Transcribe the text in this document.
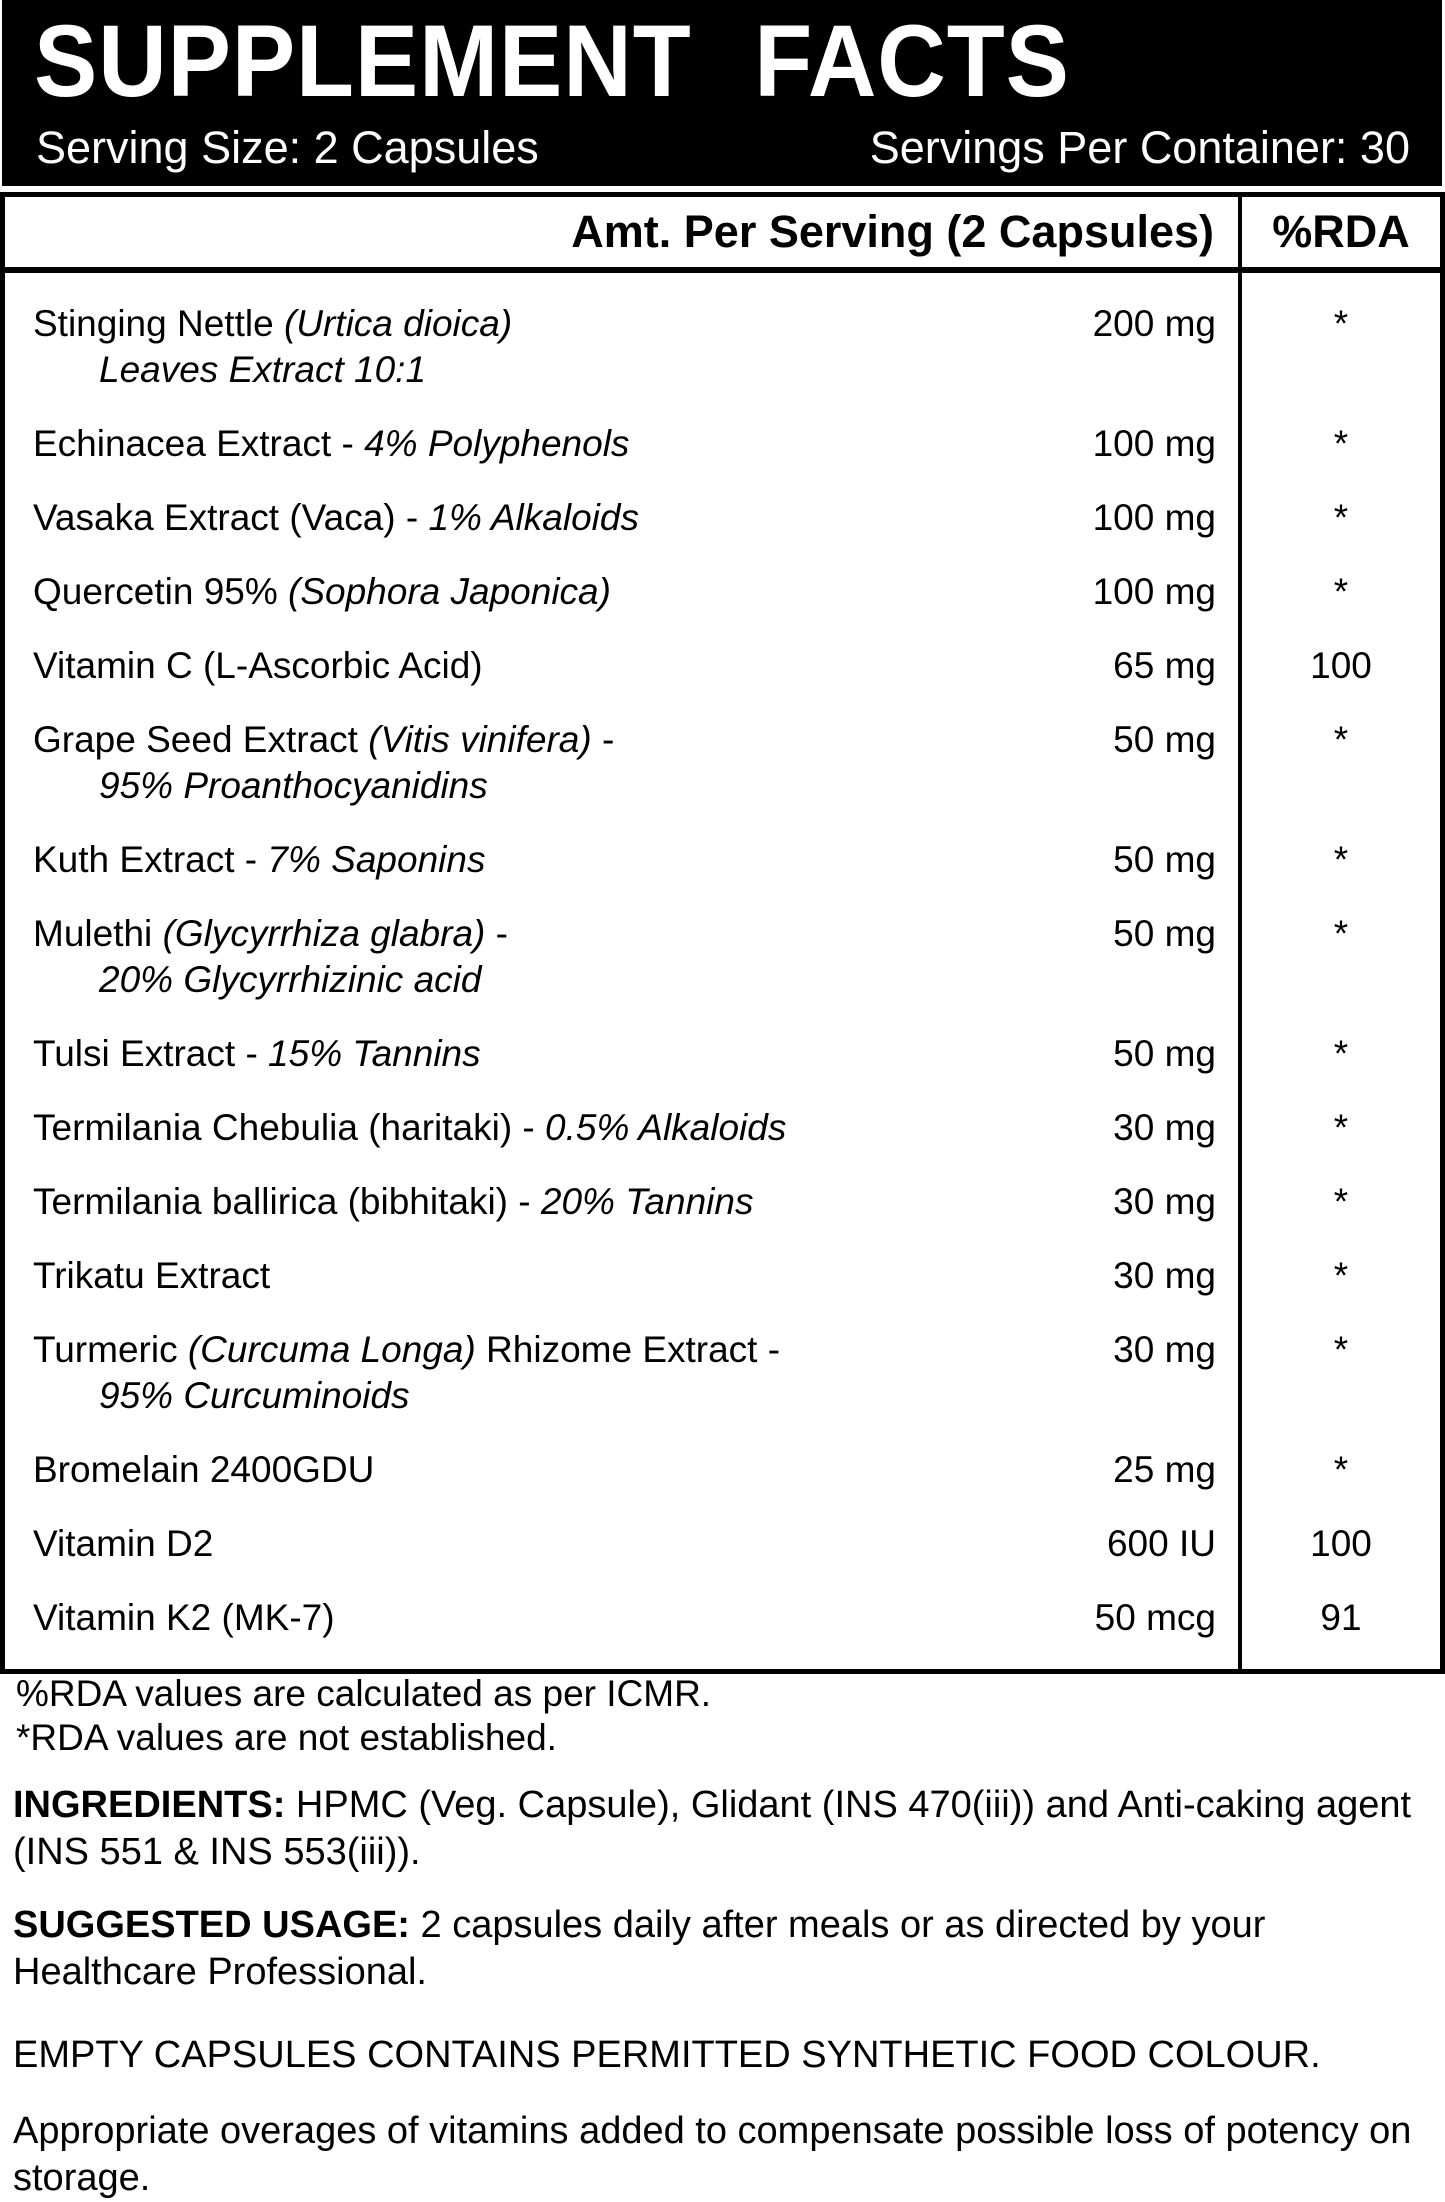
SUPPLEMENT FACTS
Serving Size: 2 Capsules	Servings Per Container: 30
Amt. Per Serving (2 Capsules)	%RDA
Stinging Nettle (Urtica dioica)
Leaves Extract 10:1
200 mg	*
Echinacea Extract - 4% Polyphenols	100 mg	*
Vasaka Extract (Vaca) - 1% Alkaloids	100 mg	*
Quercetin 95% (Sophora Japonica)	100 mg	*
Vitamin C (L-Ascorbic Acid)	65 mg	100
Grape Seed Extract (Vitis vinifera) -
95% Proanthocyanidins
50 mg	*
Kuth Extract - 7% Saponins	50 mg	*
Mulethi (Glycyrrhiza glabra) -
20% Glycyrrhizinic acid
50 mg	*
Tulsi Extract - 15% Tannins	50 mg	*
Termilania Chebulia (haritaki) - 0.5% Alkaloids	30 mg	*
Termilania ballirica (bibhitaki) - 20% Tannins	30 mg	*
Trikatu Extract	30 mg	*
Turmeric (Curcuma Longa) Rhizome Extract -
95% Curcuminoids
30 mg	*
Bromelain 2400GDU	25 mg	*
Vitamin D2	600 IU	100
Vitamin K2 (MK-7)	50 mcg	91
%RDA values are calculated as per ICMR.
*RDA values are not established.
INGREDIENTS: HPMC (Veg. Capsule), Glidant (INS 470(iii)) and Anti-caking agent (INS 551 & INS 553(iii)).
SUGGESTED USAGE: 2 capsules daily after meals or as directed by your Healthcare Professional.
EMPTY CAPSULES CONTAINS PERMITTED SYNTHETIC FOOD COLOUR.
Appropriate overages of vitamins added to compensate possible loss of potency on storage.
